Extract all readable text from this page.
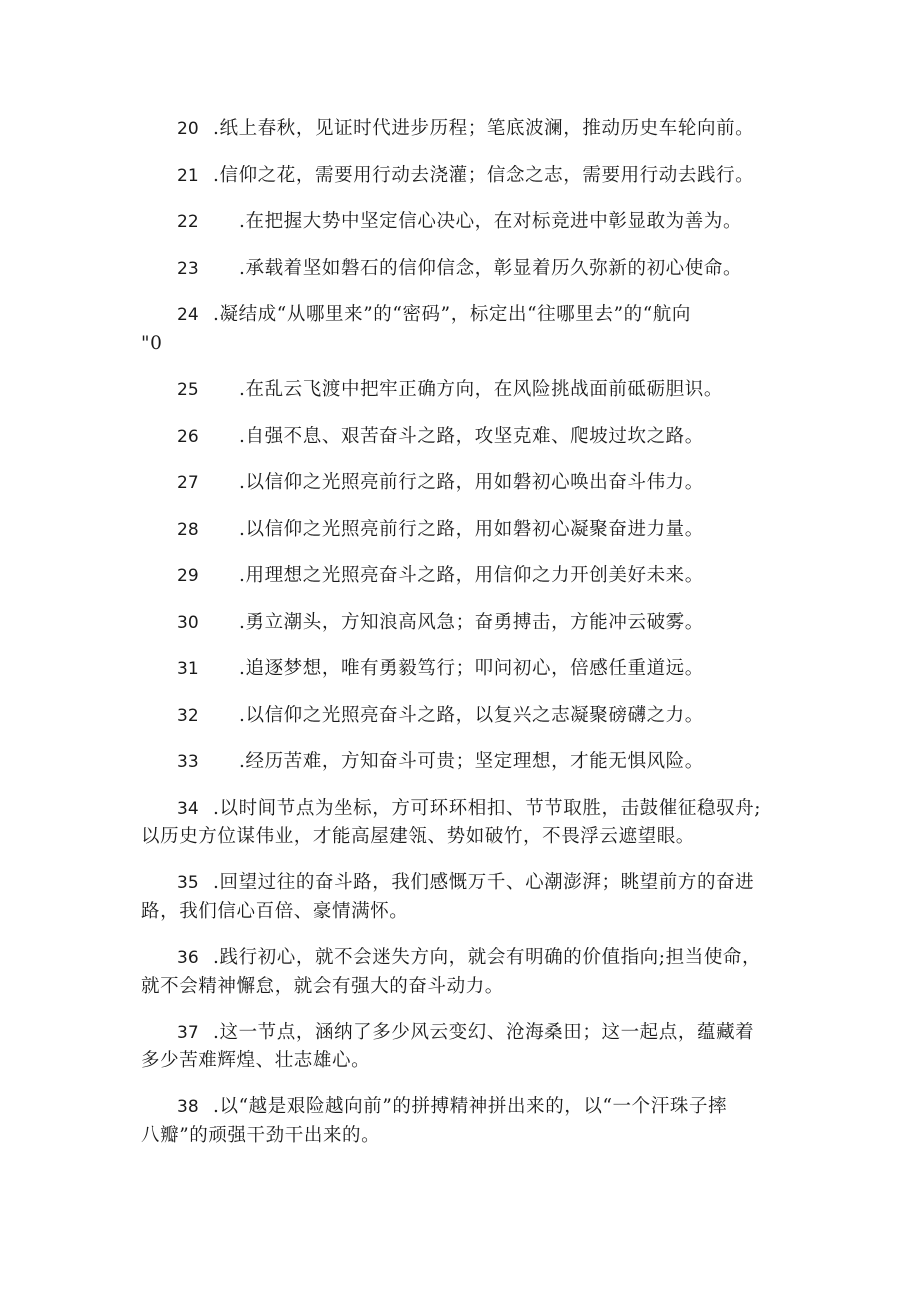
20 .纸上春秋，见证时代进步历程；笔底波澜，推动历史车轮向前。
21 .信仰之花，需要用行动去浇灌；信念之志，需要用行动去践行。
22 .在把握大势中坚定信心决心，在对标竞进中彰显敢为善为。
23 .承载着坚如磐石的信仰信念，彰显着历久弥新的初心使命。
24 .凝结成“从哪里来”的“密码”，标定出“往哪里去”的“航向
"0
25 .在乱云飞渡中把牢正确方向，在风险挑战面前砥砺胆识。
26 .自强不息、艰苦奋斗之路，攻坚克难、爬坡过坎之路。
27 .以信仰之光照亮前行之路，用如磐初心唤出奋斗伟力。
28 .以信仰之光照亮前行之路，用如磐初心凝聚奋进力量。
29 .用理想之光照亮奋斗之路，用信仰之力开创美好未来。
30 .勇立潮头，方知浪高风急；奋勇搏击，方能冲云破雾。
31 .追逐梦想，唯有勇毅笃行；叩问初心，倍感任重道远。
32 .以信仰之光照亮奋斗之路，以复兴之志凝聚磅礴之力。
33 .经历苦难，方知奋斗可贵；坚定理想，才能无惧风险。
34 .以时间节点为坐标，方可环环相扣、节节取胜，击鼓催征稳驭舟;
以历史方位谋伟业，才能高屋建瓴、势如破竹，不畏浮云遮望眼。
35 .回望过往的奋斗路，我们感慨万千、心潮澎湃；眺望前方的奋进
路，我们信心百倍、豪情满怀。
36 .践行初心，就不会迷失方向，就会有明确的价值指向;担当使命，
就不会精神懈怠，就会有强大的奋斗动力。
37 .这一节点，涵纳了多少风云变幻、沧海桑田；这一起点，蕴藏着
多少苦难辉煌、壮志雄心。
38 .以“越是艰险越向前”的拼搏精神拼出来的，以“一个汗珠子摔
八瓣”的顽强干劲干出来的。
